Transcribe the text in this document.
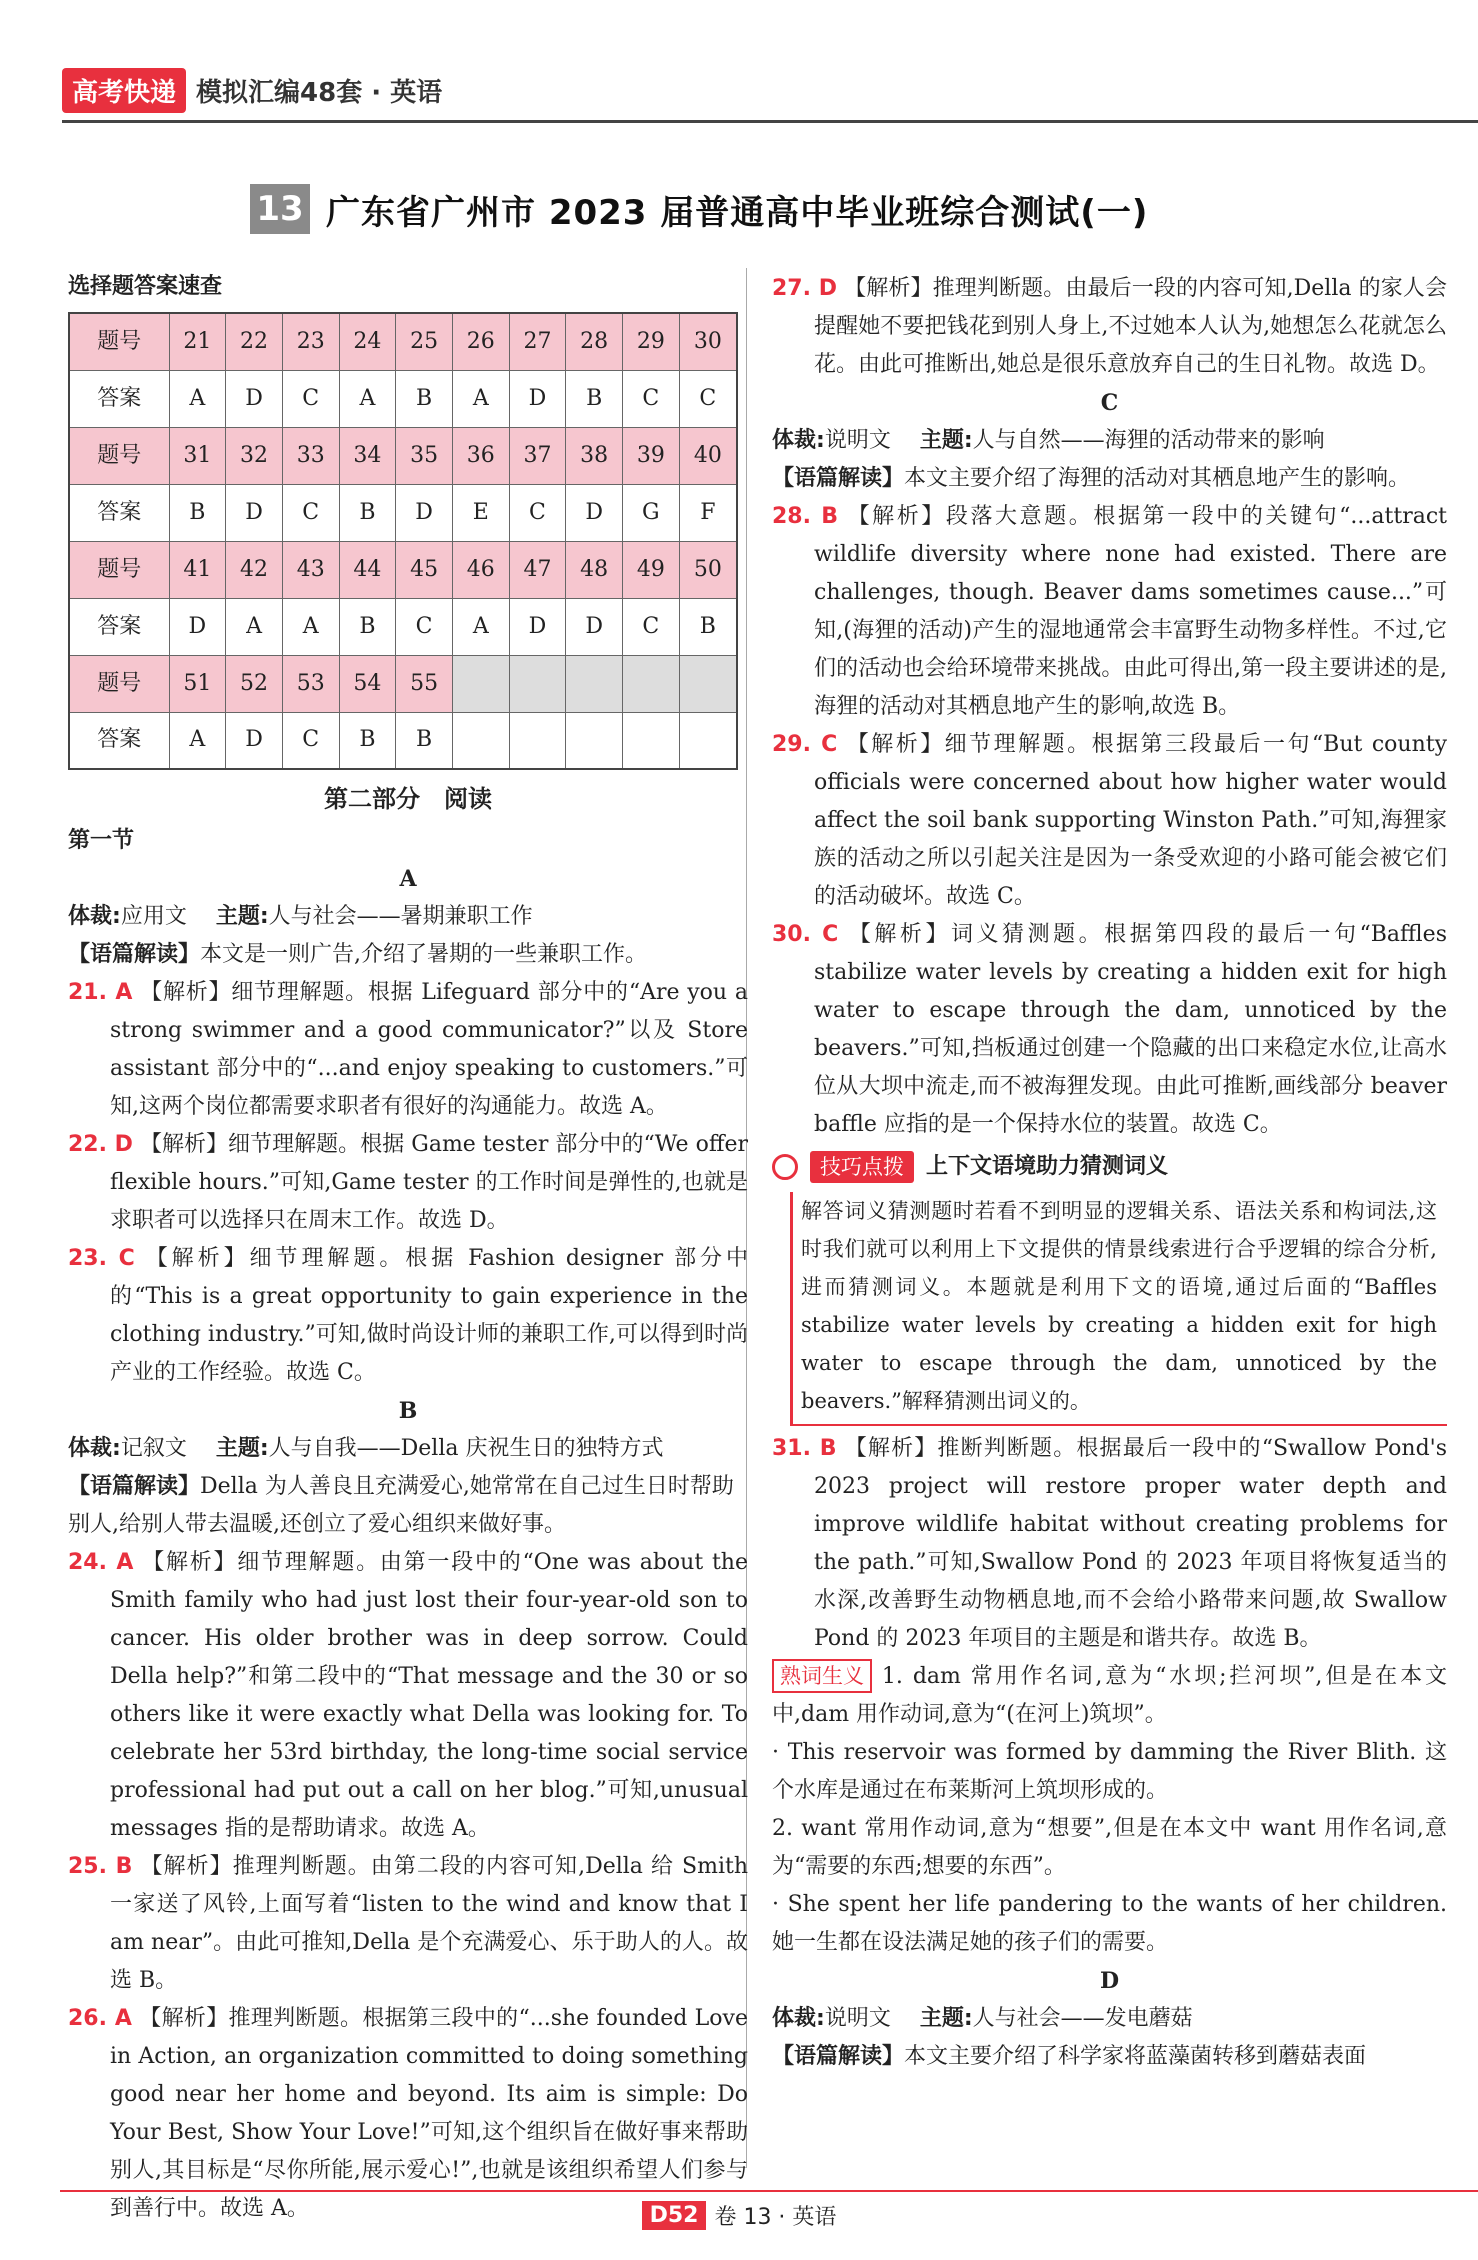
高考快递 模拟汇编48套 · 英语
13 广东省广州市 2023 届普通高中毕业班综合测试(一)
选择题答案速查
题号	21	22	23	24	25	26	27	28	29	30
答案	A	D	C	A	B	A	D	B	C	C
题号	31	32	33	34	35	36	37	38	39	40
答案	B	D	C	B	D	E	C	D	G	F
题号	41	42	43	44	45	46	47	48	49	50
答案	D	A	A	B	C	A	D	D	C	B
题号	51	52	53	54	55					
答案	A	D	C	B	B					
第二部分　阅读
第一节
A
体裁:应用文　 主题:人与社会——暑期兼职工作
【语篇解读】本文是一则广告,介绍了暑期的一些兼职工作。
21. A 【解析】细节理解题。根据 Lifeguard 部分中的“Are you a strong swimmer and a good communicator?”以及 Store assistant 部分中的“...and enjoy speaking to customers.”可知,这两个岗位都需要求职者有很好的沟通能力。故选 A。
22. D 【解析】细节理解题。根据 Game tester 部分中的“We offer flexible hours.”可知,Game tester 的工作时间是弹性的,也就是求职者可以选择只在周末工作。故选 D。
23. C 【解析】细节理解题。根据 Fashion designer 部分中的“This is a great opportunity to gain experience in the clothing industry.”可知,做时尚设计师的兼职工作,可以得到时尚产业的工作经验。故选 C。
B
体裁:记叙文　 主题:人与自我——Della 庆祝生日的独特方式
【语篇解读】Della 为人善良且充满爱心,她常常在自己过生日时帮助别人,给别人带去温暖,还创立了爱心组织来做好事。
24. A 【解析】细节理解题。由第一段中的“One was about the Smith family who had just lost their four-year-old son to cancer. His older brother was in deep sorrow. Could Della help?”和第二段中的“That message and the 30 or so others like it were exactly what Della was looking for. To celebrate her 53rd birthday, the long-time social service professional had put out a call on her blog.”可知,unusual messages 指的是帮助请求。故选 A。
25. B 【解析】推理判断题。由第二段的内容可知,Della 给 Smith 一家送了风铃,上面写着“listen to the wind and know that I am near”。由此可推知,Della 是个充满爱心、乐于助人的人。故选 B。
26. A 【解析】推理判断题。根据第三段中的“...she founded Love in Action, an organization committed to doing something good near her home and beyond. Its aim is simple: Do Your Best, Show Your Love!”可知,这个组织旨在做好事来帮助别人,其目标是“尽你所能,展示爱心!”,也就是该组织希望人们参与到善行中。故选 A。
27. D 【解析】推理判断题。由最后一段的内容可知,Della 的家人会提醒她不要把钱花到别人身上,不过她本人认为,她想怎么花就怎么花。由此可推断出,她总是很乐意放弃自己的生日礼物。故选 D。
C
体裁:说明文　 主题:人与自然——海狸的活动带来的影响
【语篇解读】本文主要介绍了海狸的活动对其栖息地产生的影响。
28. B 【解析】段落大意题。根据第一段中的关键句“...attract wildlife diversity where none had existed. There are challenges, though. Beaver dams sometimes cause...”可知,(海狸的活动)产生的湿地通常会丰富野生动物多样性。不过,它们的活动也会给环境带来挑战。由此可得出,第一段主要讲述的是,海狸的活动对其栖息地产生的影响,故选 B。
29. C 【解析】细节理解题。根据第三段最后一句“But county officials were concerned about how higher water would affect the soil bank supporting Winston Path.”可知,海狸家族的活动之所以引起关注是因为一条受欢迎的小路可能会被它们的活动破坏。故选 C。
30. C 【解析】词义猜测题。根据第四段的最后一句“Baffles stabilize water levels by creating a hidden exit for high water to escape through the dam, unnoticed by the beavers.”可知,挡板通过创建一个隐藏的出口来稳定水位,让高水位从大坝中流走,而不被海狸发现。由此可推断,画线部分 beaver baffle 应指的是一个保持水位的装置。故选 C。
技巧点拨	上下文语境助力猜测词义
解答词义猜测题时若看不到明显的逻辑关系、语法关系和构词法,这时我们就可以利用上下文提供的情景线索进行合乎逻辑的综合分析,进而猜测词义。本题就是利用下文的语境,通过后面的“Baffles stabilize water levels by creating a hidden exit for high water to escape through the dam, unnoticed by the beavers.”解释猜测出词义的。
31. B 【解析】推断判断题。根据最后一段中的“Swallow Pond's 2023 project will restore proper water depth and improve wildlife habitat without creating problems for the path.”可知,Swallow Pond 的 2023 年项目将恢复适当的水深,改善野生动物栖息地,而不会给小路带来问题,故 Swallow Pond 的 2023 年项目的主题是和谐共存。故选 B。
熟词生义 1. dam 常用作名词,意为“水坝;拦河坝”,但是在本文中,dam 用作动词,意为“(在河上)筑坝”。
· This reservoir was formed by damming the River Blith. 这个水库是通过在布莱斯河上筑坝形成的。
2. want 常用作动词,意为“想要”,但是在本文中 want 用作名词,意为“需要的东西;想要的东西”。
· She spent her life pandering to the wants of her children. 她一生都在设法满足她的孩子们的需要。
D
体裁:说明文　 主题:人与社会——发电蘑菇
【语篇解读】本文主要介绍了科学家将蓝藻菌转移到蘑菇表面
D52 卷 13 · 英语
